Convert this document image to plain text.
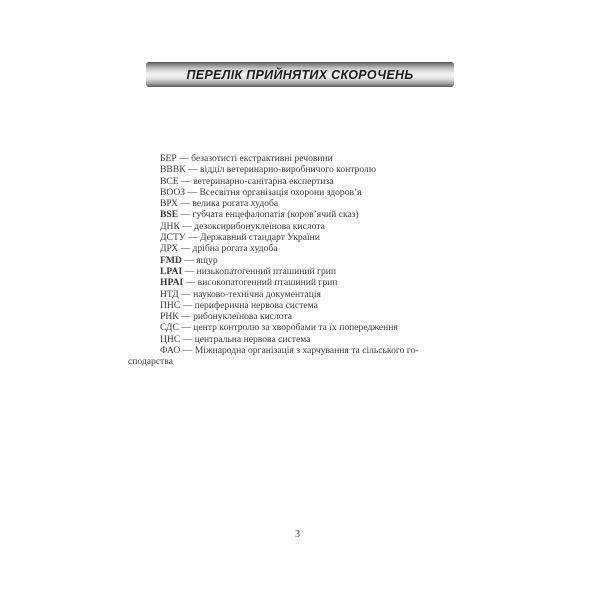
ПЕРЕЛІК ПРИЙНЯТИХ СКОРОЧЕНЬ

БЕР — безазотисті екстрактивні речовини

ВВВК — відділ ветеринарно-виробничого контролю

ВСЕ — ветеринарно-санітарна експертиза

ВООЗ — Всесвітня організація охорони здоров’я

ВРХ — велика рогата худоба

BSE — губчата енцефалопатія (коров’ячий сказ)

ДНК — дезоксирибонуклеїнова кислота

ДСТУ — Державний стандарт України

ДРХ — дрібна рогата худоба

FMD — ящур

LPAI — низькопатогенний пташиний грип

HPAI — високопатогенний пташиний грип

НТД — науково-технічна документація

ПНС — периферична нервова система

РНК — рибонуклеїнова кислота

СДС — центр контролю за хворобами та їх попередження

ЦНС — центральна нервова система

ФАО — Міжнародна організація з харчування та сільського го-
сподарства

3
